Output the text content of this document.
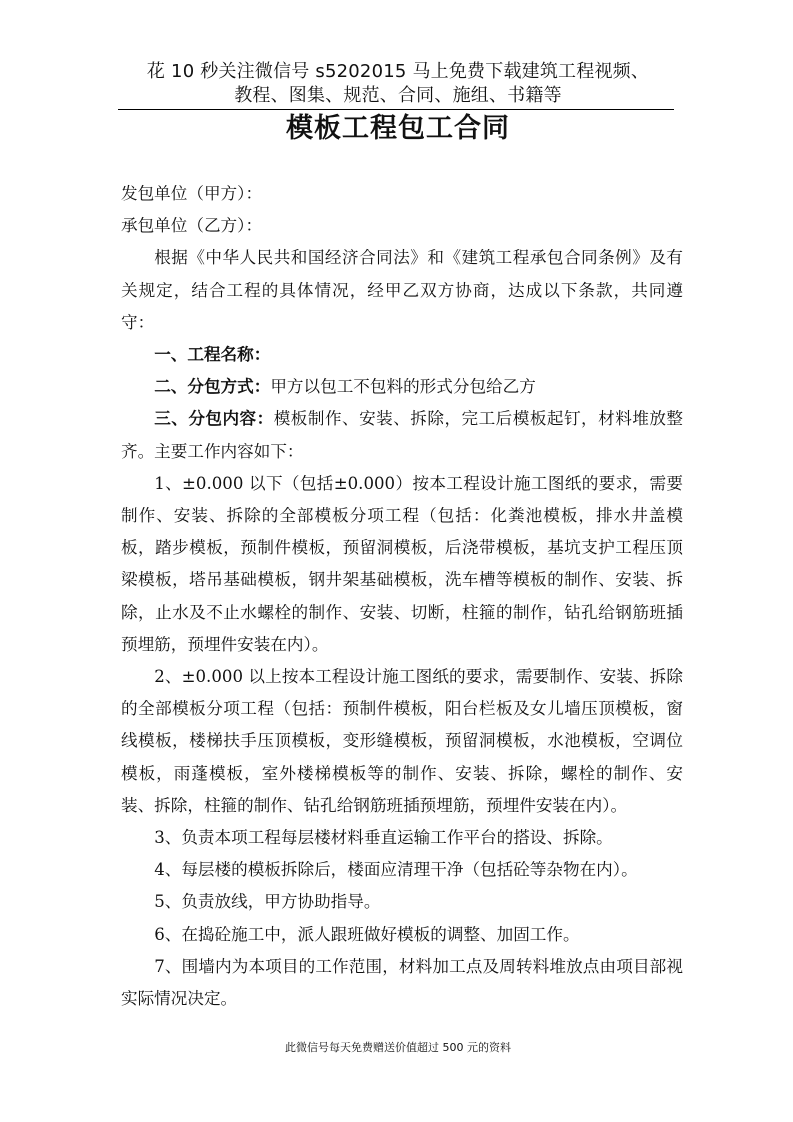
花 10 秒关注微信号 s5202015 马上免费下载建筑工程视频、
教程、图集、规范、合同、施组、书籍等
模板工程包工合同

发包单位（甲方）：

承包单位（乙方）：

根据《中华人民共和国经济合同法》和《建筑工程承包合同条例》及有关规定，结合工程的具体情况，经甲乙双方协商，达成以下条款，共同遵守：

一、工程名称：

二、分包方式：甲方以包工不包料的形式分包给乙方

三、分包内容：模板制作、安装、拆除，完工后模板起钉，材料堆放整齐。主要工作内容如下：

1、±0.000 以下（包括±0.000）按本工程设计施工图纸的要求，需要制作、安装、拆除的全部模板分项工程（包括：化粪池模板，排水井盖模板，踏步模板，预制件模板，预留洞模板，后浇带模板，基坑支护工程压顶梁模板，塔吊基础模板，钢井架基础模板，洗车槽等模板的制作、安装、拆除，止水及不止水螺栓的制作、安装、切断，柱箍的制作，钻孔给钢筋班插预埋筋，预埋件安装在内）。

2、±0.000 以上按本工程设计施工图纸的要求，需要制作、安装、拆除的全部模板分项工程（包括：预制件模板，阳台栏板及女儿墙压顶模板，窗线模板，楼梯扶手压顶模板，变形缝模板，预留洞模板，水池模板，空调位模板，雨蓬模板，室外楼梯模板等的制作、安装、拆除，螺栓的制作、安装、拆除，柱箍的制作、钻孔给钢筋班插预埋筋，预埋件安装在内）。

3、负责本项工程每层楼材料垂直运输工作平台的搭设、拆除。

4、每层楼的模板拆除后，楼面应清理干净（包括砼等杂物在内）。

5、负责放线，甲方协助指导。

6、在捣砼施工中，派人跟班做好模板的调整、加固工作。

7、围墙内为本项目的工作范围，材料加工点及周转料堆放点由项目部视实际情况决定。

此微信号每天免费赠送价值超过 500 元的资料
